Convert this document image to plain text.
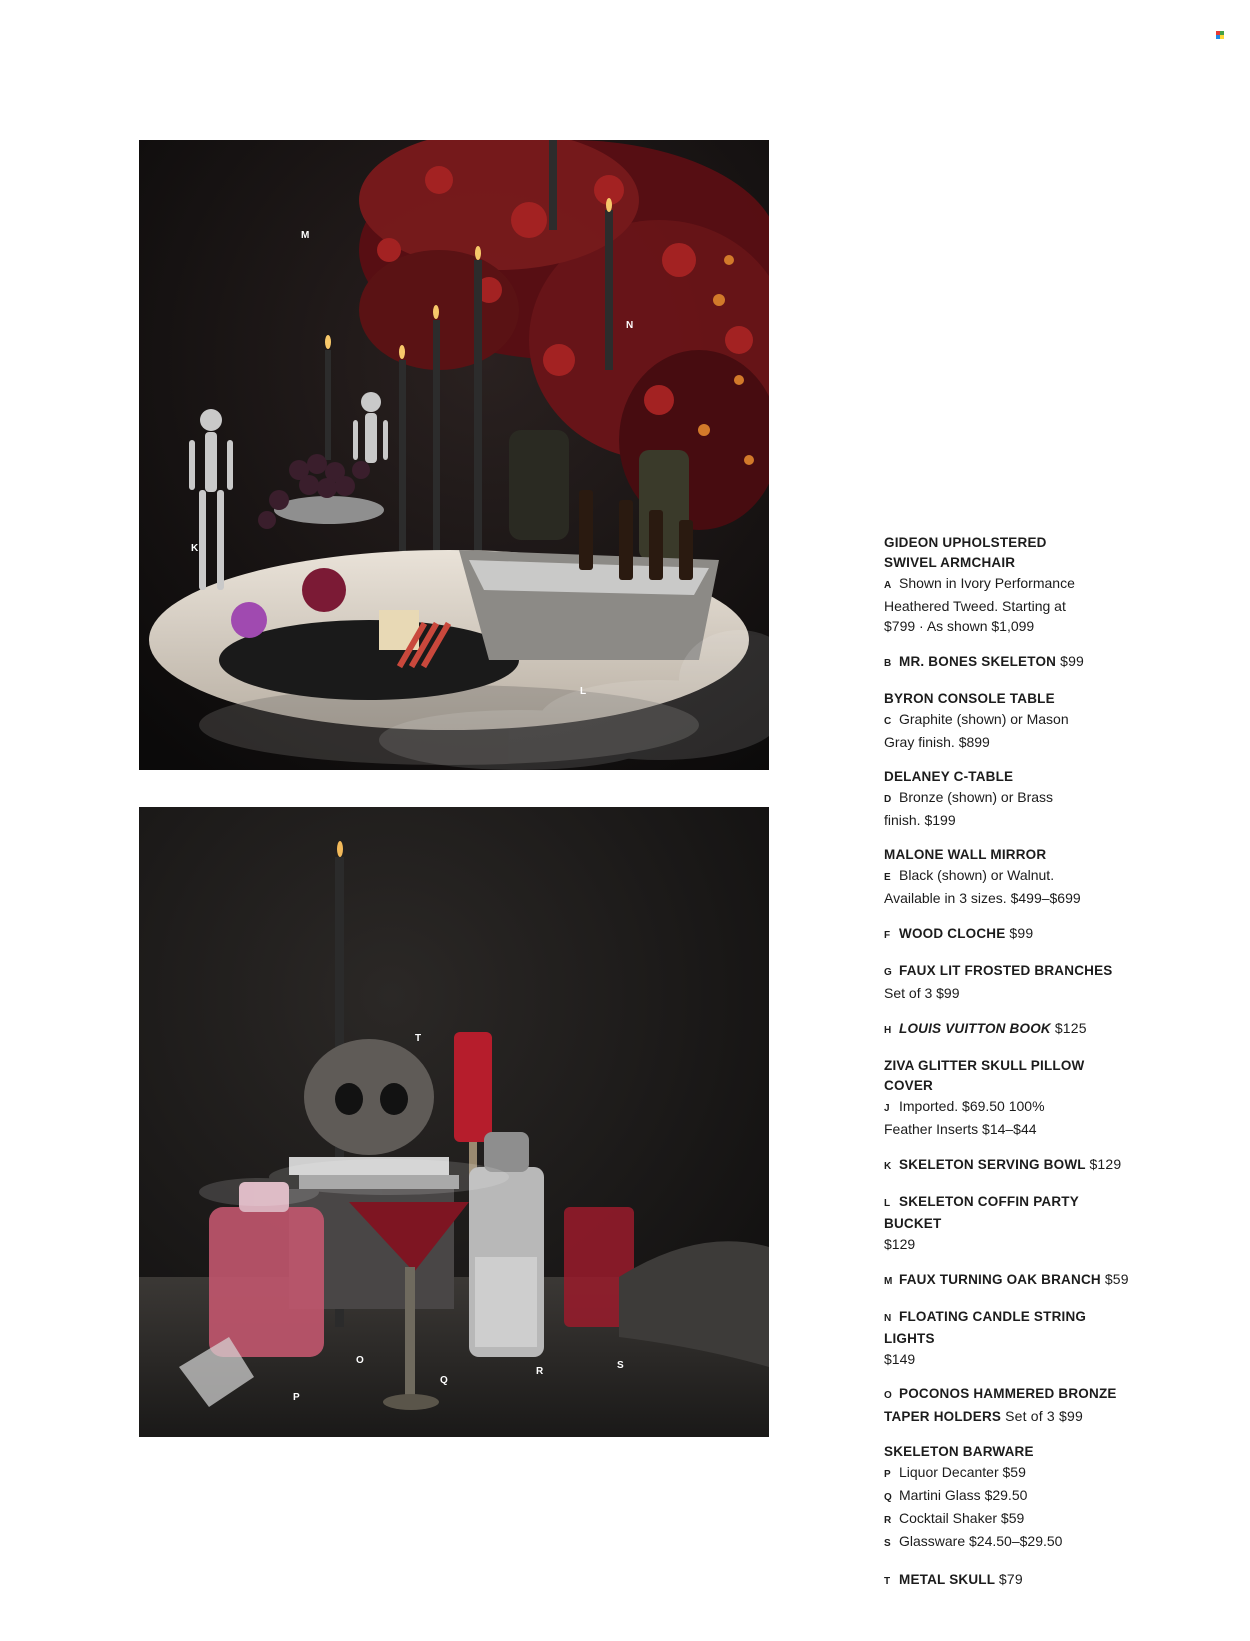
M
N
K
L
T
O
P
Q
R
S
GIDEON UPHOLSTERED
SWIVEL ARMCHAIR
A Shown in Ivory Performance
Heathered Tweed. Starting at
$799 · As shown $1,099
B MR. BONES SKELETON $99
BYRON CONSOLE TABLE
C Graphite (shown) or Mason
Gray finish. $899
DELANEY C-TABLE
D Bronze (shown) or Brass
finish. $199
MALONE WALL MIRROR
E Black (shown) or Walnut.
Available in 3 sizes. $499–$699
F WOOD CLOCHE $99
G FAUX LIT FROSTED BRANCHES
Set of 3 $99
H LOUIS VUITTON BOOK $125
ZIVA GLITTER SKULL PILLOW COVER
J Imported. $69.50 100%
Feather Inserts $14–$44
K SKELETON SERVING BOWL $129
L SKELETON COFFIN PARTY BUCKET
$129
M FAUX TURNING OAK BRANCH $59
N FLOATING CANDLE STRING LIGHTS
$149
O POCONOS HAMMERED BRONZE
TAPER HOLDERS Set of 3 $99
SKELETON BARWARE
P Liquor Decanter $59
Q Martini Glass $29.50
R Cocktail Shaker $59
S Glassware $24.50–$29.50
T METAL SKULL $79
